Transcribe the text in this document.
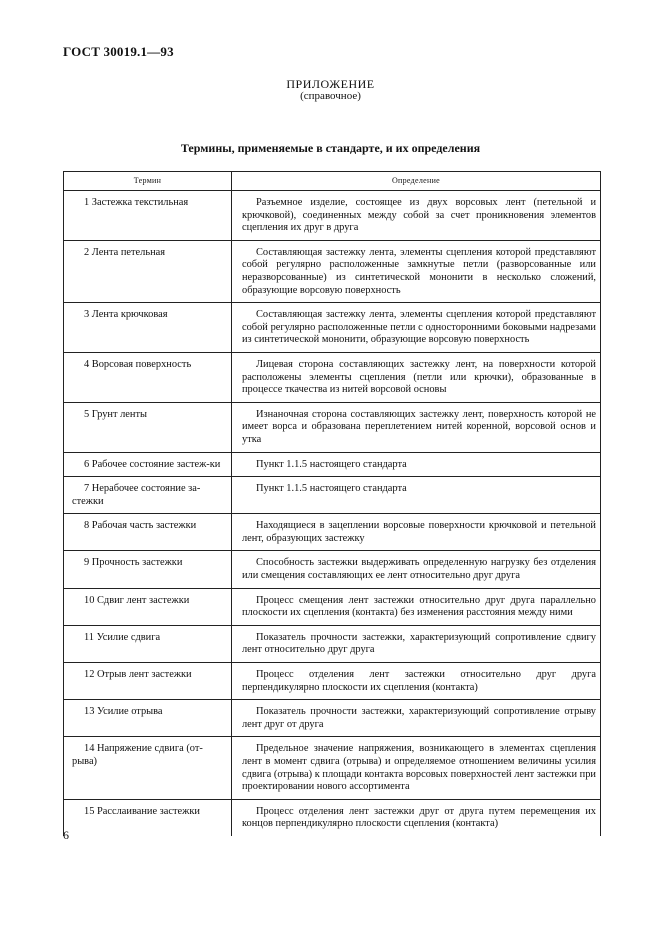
ГОСТ 30019.1—93
ПРИЛОЖЕНИЕ
(справочное)
Термины, применяемые в стандарте, и их определения
Термин	Определение

1 Застежка текстильная	Разъемное изделие, состоящее из двух ворсовых лент (петельной и крючковой), соединенных между собой за счет проникновения элементов сцепления их друг в друга

2 Лента петельная	Составляющая застежку лента, элементы сцепления которой представляют собой регулярно расположенные замкнутые петли (разворсованные или неразворсованные) из синтетической мононити в несколько сложений, образующие ворсовую поверхность

3 Лента крючковая	Составляющая застежку лента, элементы сцепления которой представляют собой регулярно расположенные петли с односторонними боковыми надрезами из синтетической мононити, образующие ворсовую поверхность

4 Ворсовая поверхность	Лицевая сторона составляющих застежку лент, на поверхности которой расположены элементы сцепления (петли или крючки), образованные в процессе ткачества из нитей ворсовой основы

5 Грунт ленты	Изнаночная сторона составляющих застежку лент, поверхность которой не имеет ворса и образована переплетением нитей коренной, ворсовой основ и утка

6 Рабочее состояние застеж-ки	Пункт 1.1.5 настоящего стандарта

7 Нерабочее состояние за-стежки	Пункт 1.1.5 настоящего стандарта

8 Рабочая часть застежки	Находящиеся в зацеплении ворсовые поверхности крючковой и петельной лент, образующих застежку

9 Прочность застежки	Способность застежки выдерживать определенную нагрузку без отделения или смещения составляющих ее лент относительно друг друга

10 Сдвиг лент застежки	Процесс смещения лент застежки относительно друг друга параллельно плоскости их сцепления (контакта) без изменения расстояния между ними

11 Усилие сдвига	Показатель прочности застежки, характеризующий сопротивление сдвигу лент относительно друг друга

12 Отрыв лент застежки	Процесс отделения лент застежки относительно друг друга перпендикулярно плоскости их сцепления (контакта)

13 Усилие отрыва	Показатель прочности застежки, характеризующий сопротивление отрыву лент друг от друга

14 Напряжение сдвига (от-рыва)	Предельное значение напряжения, возникающего в элементах сцепления лент в момент сдвига (отрыва) и определяемое отношением величины усилия сдвига (отрыва) к площади контакта ворсовых поверхностей лент застежки при проектировании нового ассортимента

15 Расслаивание застежки	Процесс отделения лент застежки друг от друга путем перемещения их концов перпендикулярно плоскости сцепления (контакта)
6
